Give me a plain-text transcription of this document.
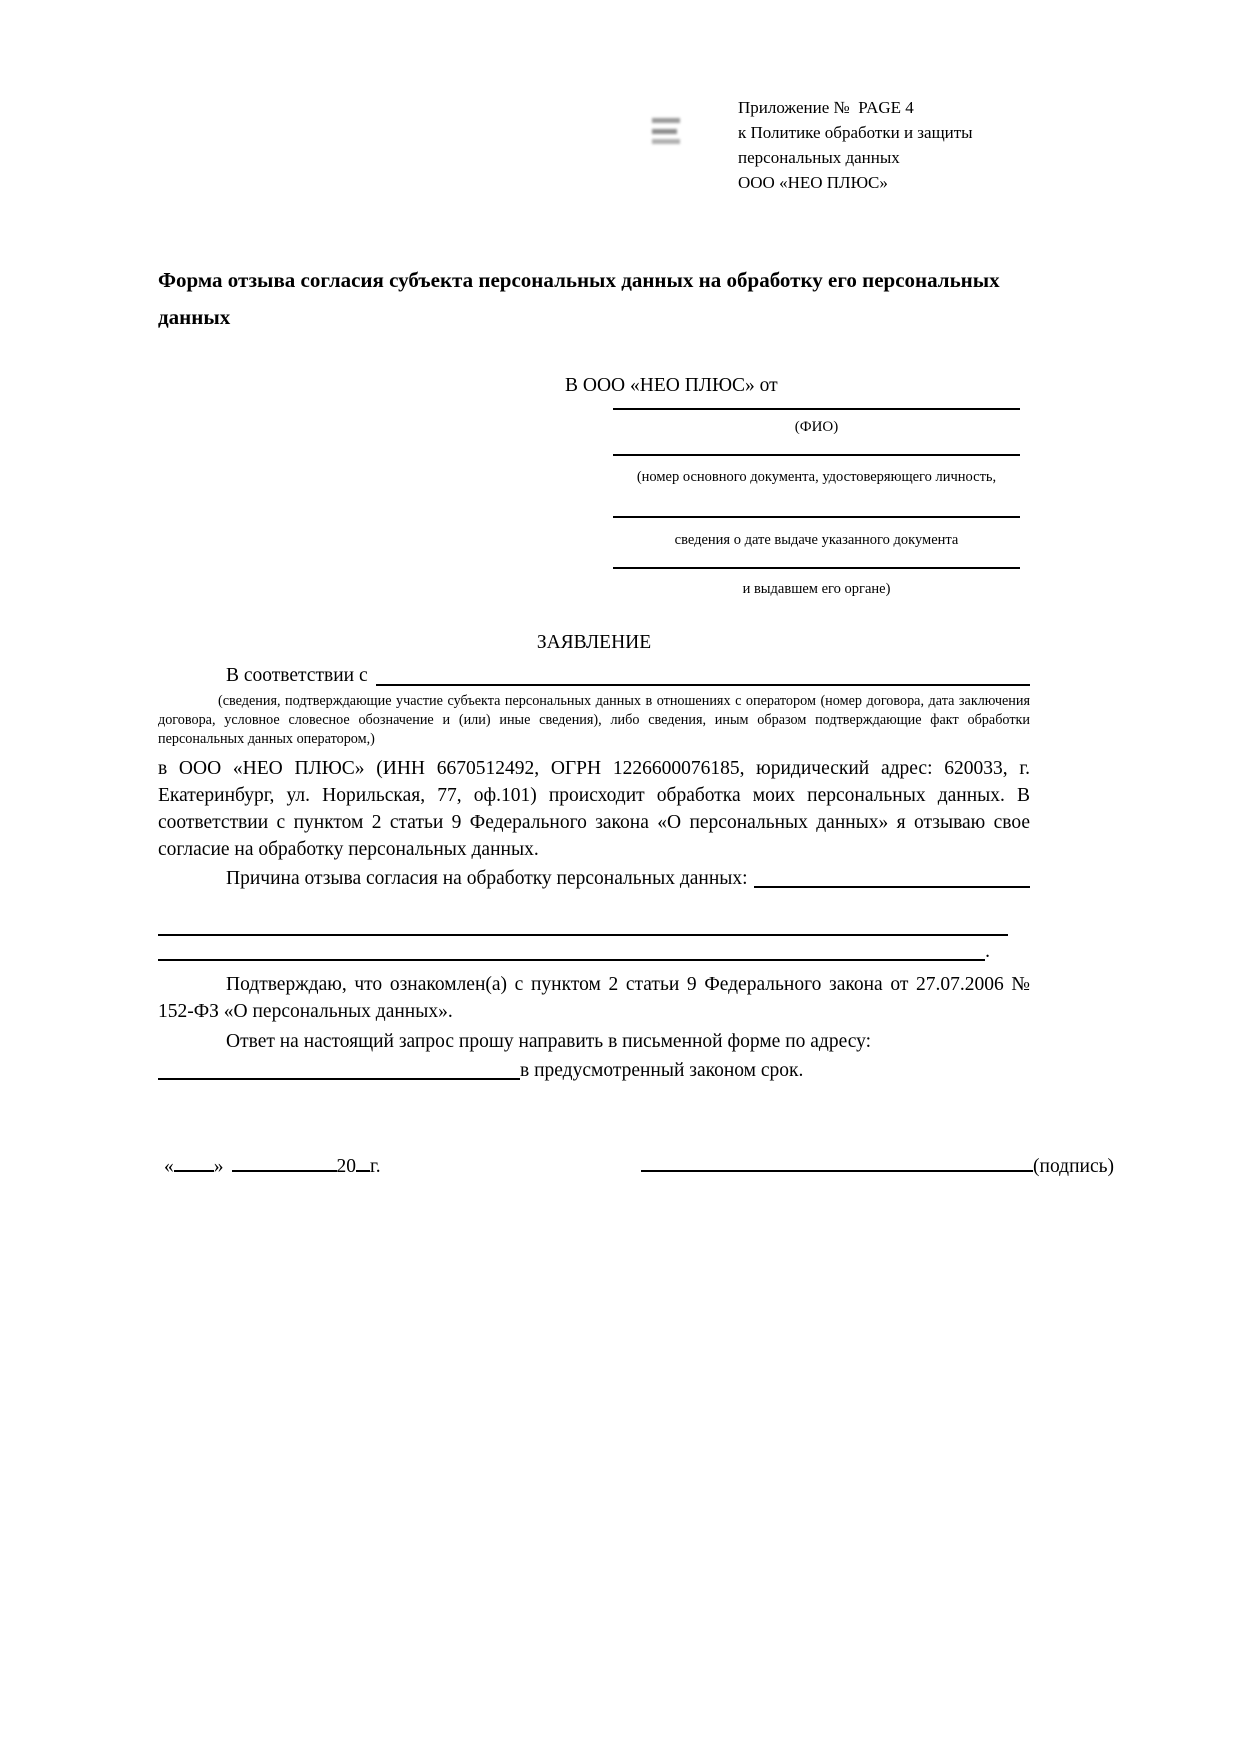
Приложение №  PAGE 4
к Политике обработки и защиты
персональных данных
ООО «НЕО ПЛЮС»
Форма отзыва согласия субъекта персональных данных на обработку его персональных данных
В ООО «НЕО ПЛЮС» от
(ФИО)
(номер основного документа, удостоверяющего личность,
сведения о дате выдаче указанного документа
и выдавшем его органе)
ЗАЯВЛЕНИЕ
В соответствии с

(сведения, подтверждающие участие субъекта персональных данных в отношениях с оператором (номер договора, дата заключения договора, условное словесное обозначение и (или) иные сведения), либо сведения, иным образом подтверждающие факт обработки персональных данных оператором,)

в ООО «НЕО ПЛЮС» (ИНН 6670512492, ОГРН 1226600076185, юридический адрес: 620033, г. Екатеринбург, ул. Норильская, 77, оф.101) происходит обработка моих персональных данных. В соответствии с пунктом 2 статьи 9 Федерального закона «О персональных данных» я отзываю свое согласие на обработку персональных данных.

Причина отзыва согласия на обработку персональных данных:
.

Подтверждаю, что ознакомлен(а) с пунктом 2 статьи 9 Федерального закона от 27.07.2006 № 152-ФЗ «О персональных данных».

Ответ на настоящий запрос прошу направить в письменной форме по адресу:

в предусмотренный законом срок.
« »	20 г.	(подпись)
